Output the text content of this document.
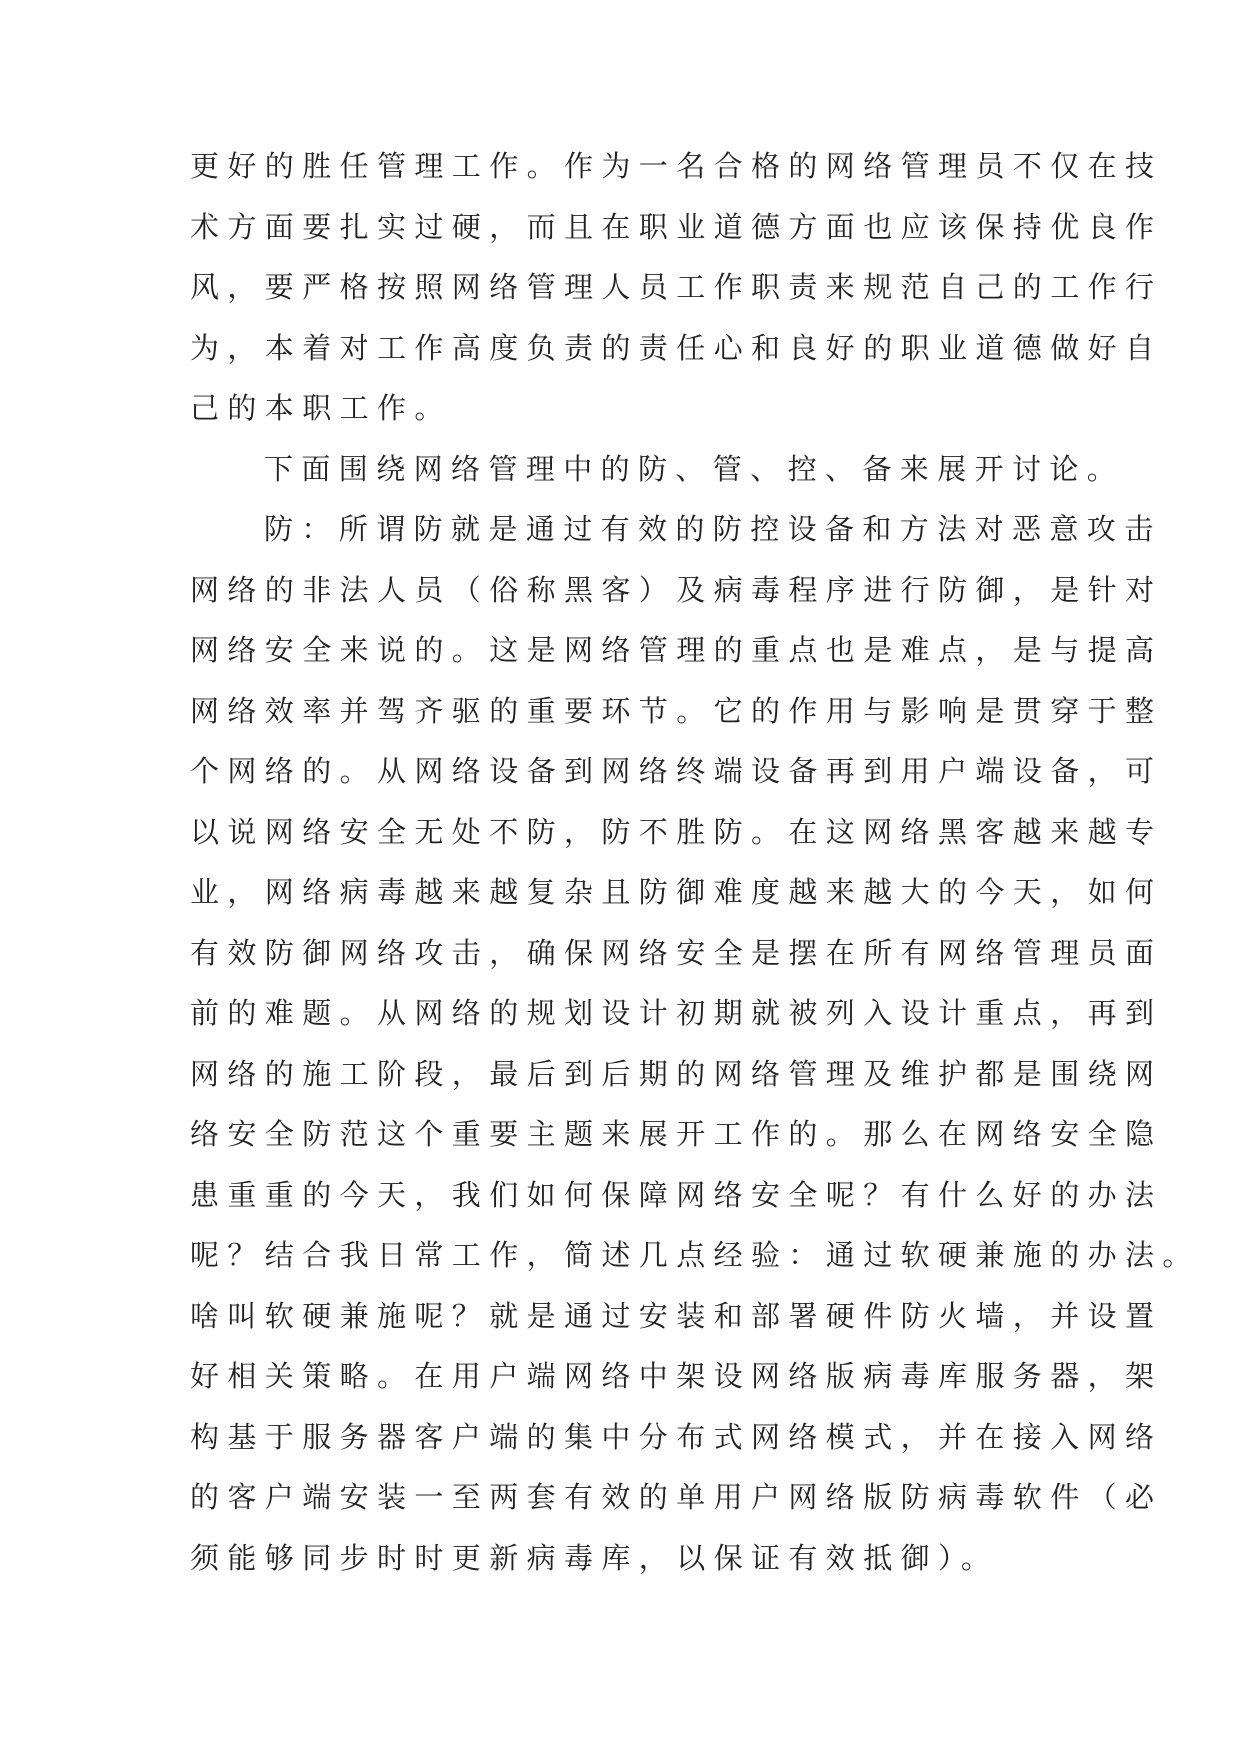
更好的胜任管理工作。作为一名合格的网络管理员不仅在技
术方面要扎实过硬，而且在职业道德方面也应该保持优良作
风，要严格按照网络管理人员工作职责来规范自己的工作行
为，本着对工作高度负责的责任心和良好的职业道德做好自
己的本职工作。
下面围绕网络管理中的防、管、控、备来展开讨论。
防：所谓防就是通过有效的防控设备和方法对恶意攻击
网络的非法人员（俗称黑客）及病毒程序进行防御，是针对
网络安全来说的。这是网络管理的重点也是难点，是与提高
网络效率并驾齐驱的重要环节。它的作用与影响是贯穿于整
个网络的。从网络设备到网络终端设备再到用户端设备，可
以说网络安全无处不防，防不胜防。在这网络黑客越来越专
业，网络病毒越来越复杂且防御难度越来越大的今天，如何
有效防御网络攻击，确保网络安全是摆在所有网络管理员面
前的难题。从网络的规划设计初期就被列入设计重点，再到
网络的施工阶段，最后到后期的网络管理及维护都是围绕网
络安全防范这个重要主题来展开工作的。那么在网络安全隐
患重重的今天，我们如何保障网络安全呢？有什么好的办法
呢？结合我日常工作，简述几点经验：通过软硬兼施的办法。
啥叫软硬兼施呢？就是通过安装和部署硬件防火墙，并设置
好相关策略。在用户端网络中架设网络版病毒库服务器，架
构基于服务器客户端的集中分布式网络模式，并在接入网络
的客户端安装一至两套有效的单用户网络版防病毒软件（必
须能够同步时时更新病毒库，以保证有效抵御）。
